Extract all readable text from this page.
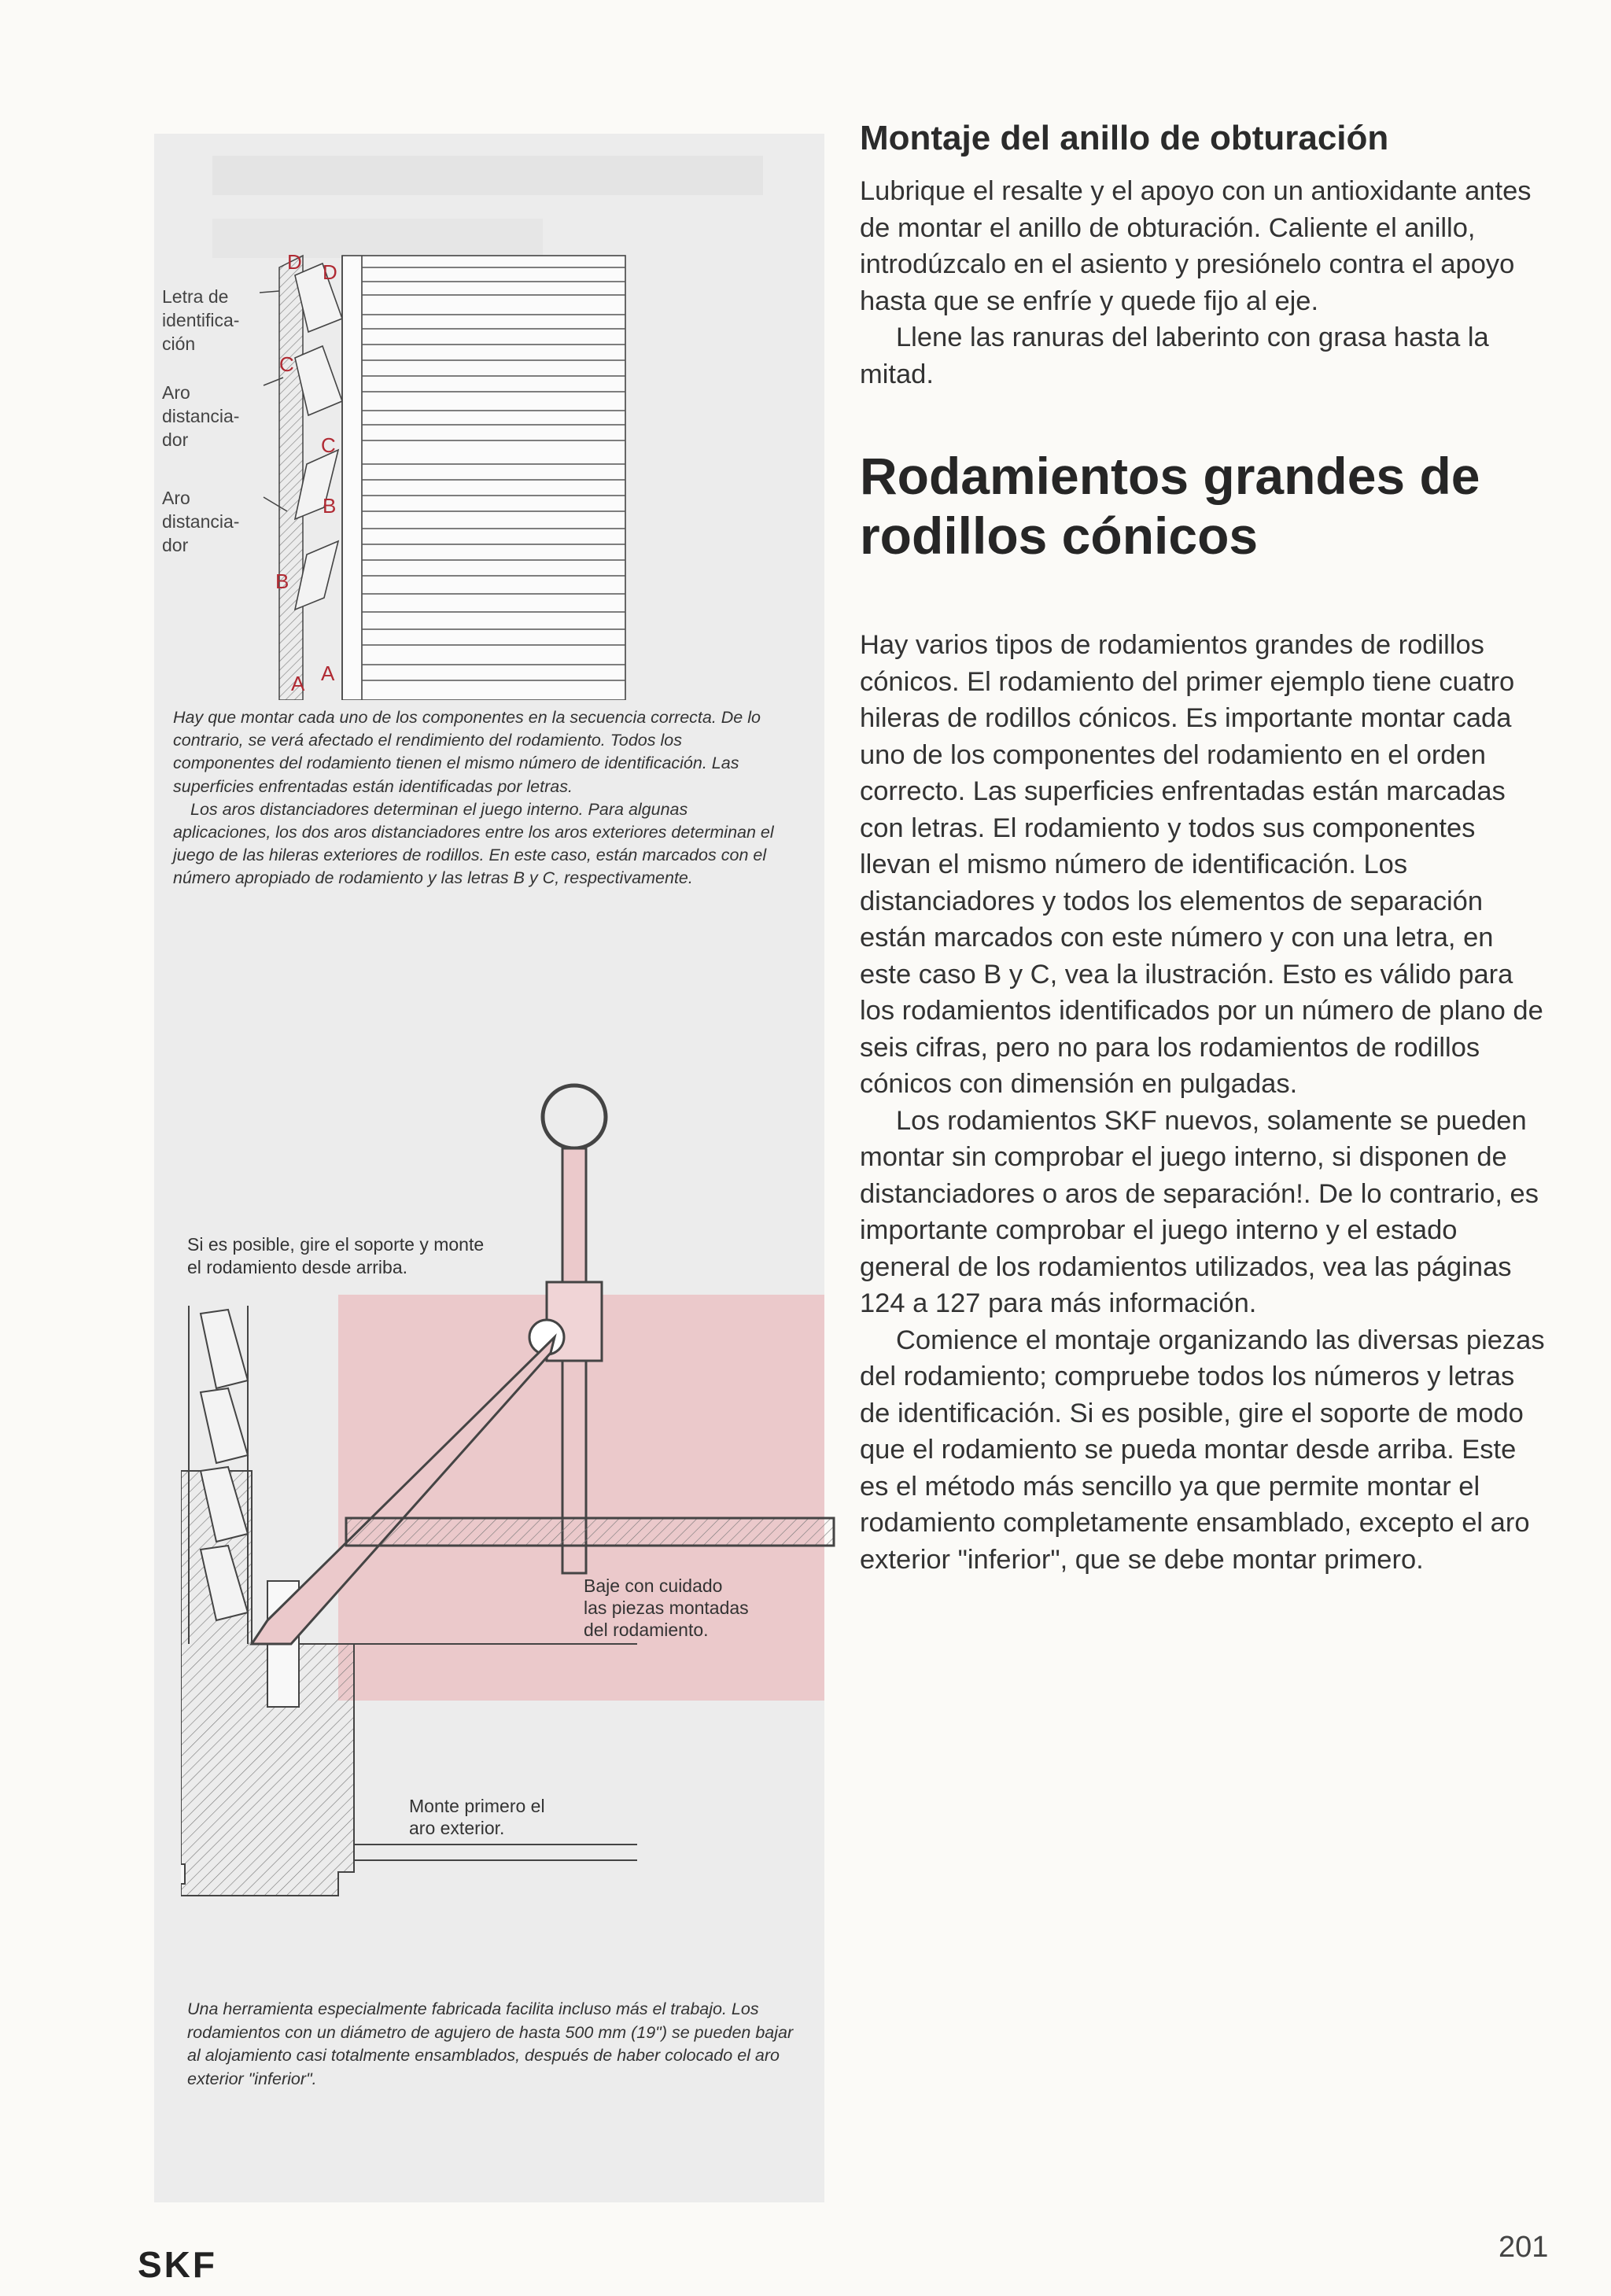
Letra de
identifica-
ción
Aro
distancia-
dor
Aro
distancia-
dor
D D
C
C
B
B
A A

Hay que montar cada uno de los componentes en la secuencia correcta. De lo contrario, se verá afectado el rendimiento del rodamiento. Todos los componentes del rodamiento tienen el mismo número de identificación. Las superficies enfrentadas están identificadas por letras.

Los aros distanciadores determinan el juego interno. Para algunas aplicaciones, los dos aros distanciadores entre los aros exteriores determinan el juego de las hileras exteriores de rodillos. En este caso, están marcados con el número apropiado de rodamiento y las letras B y C, respectivamente.

Si es posible, gire el soporte y monte
el rodamiento desde arriba.
Baje con cuidado
las piezas montadas
del rodamiento.
Monte primero el
aro exterior.
Una herramienta especialmente fabricada facilita incluso más el trabajo. Los rodamientos con un diámetro de agujero de hasta 500 mm (19") se pueden bajar al alojamiento casi totalmente ensamblados, después de haber colocado el aro exterior "inferior".
Montaje del anillo de obturación

Lubrique el resalte y el apoyo con un antioxidante antes de montar el anillo de obturación. Caliente el anillo, introdúzcalo en el asiento y presiónelo contra el apoyo hasta que se enfríe y quede fijo al eje.

Llene las ranuras del laberinto con grasa hasta la mitad.

Rodamientos grandes de rodillos cónicos

Hay varios tipos de rodamientos grandes de rodillos cónicos. El rodamiento del primer ejemplo tiene cuatro hileras de rodillos cónicos. Es importante montar cada uno de los componentes del rodamiento en el orden correcto. Las superficies enfrentadas están marcadas con letras. El rodamiento y todos sus componentes llevan el mismo número de identificación. Los distanciadores y todos los elementos de separación están marcados con este número y con una letra, en este caso B y C, vea la ilustración. Esto es válido para los rodamientos identificados por un número de plano de seis cifras, pero no para los rodamientos de rodillos cónicos con dimensión en pulgadas.

Los rodamientos SKF nuevos, solamente se pueden montar sin comprobar el juego interno, si disponen de distanciadores o aros de separación!. De lo contrario, es importante comprobar el juego interno y el estado general de los rodamientos utilizados, vea las páginas 124 a 127 para más información.

Comience el montaje organizando las diversas piezas del rodamiento; compruebe todos los números y letras de identificación. Si es posible, gire el soporte de modo que el rodamiento se pueda montar desde arriba. Este es el método más sencillo ya que permite montar el rodamiento completamente ensamblado, excepto el aro exterior "inferior", que se debe montar primero.

SKF	201
